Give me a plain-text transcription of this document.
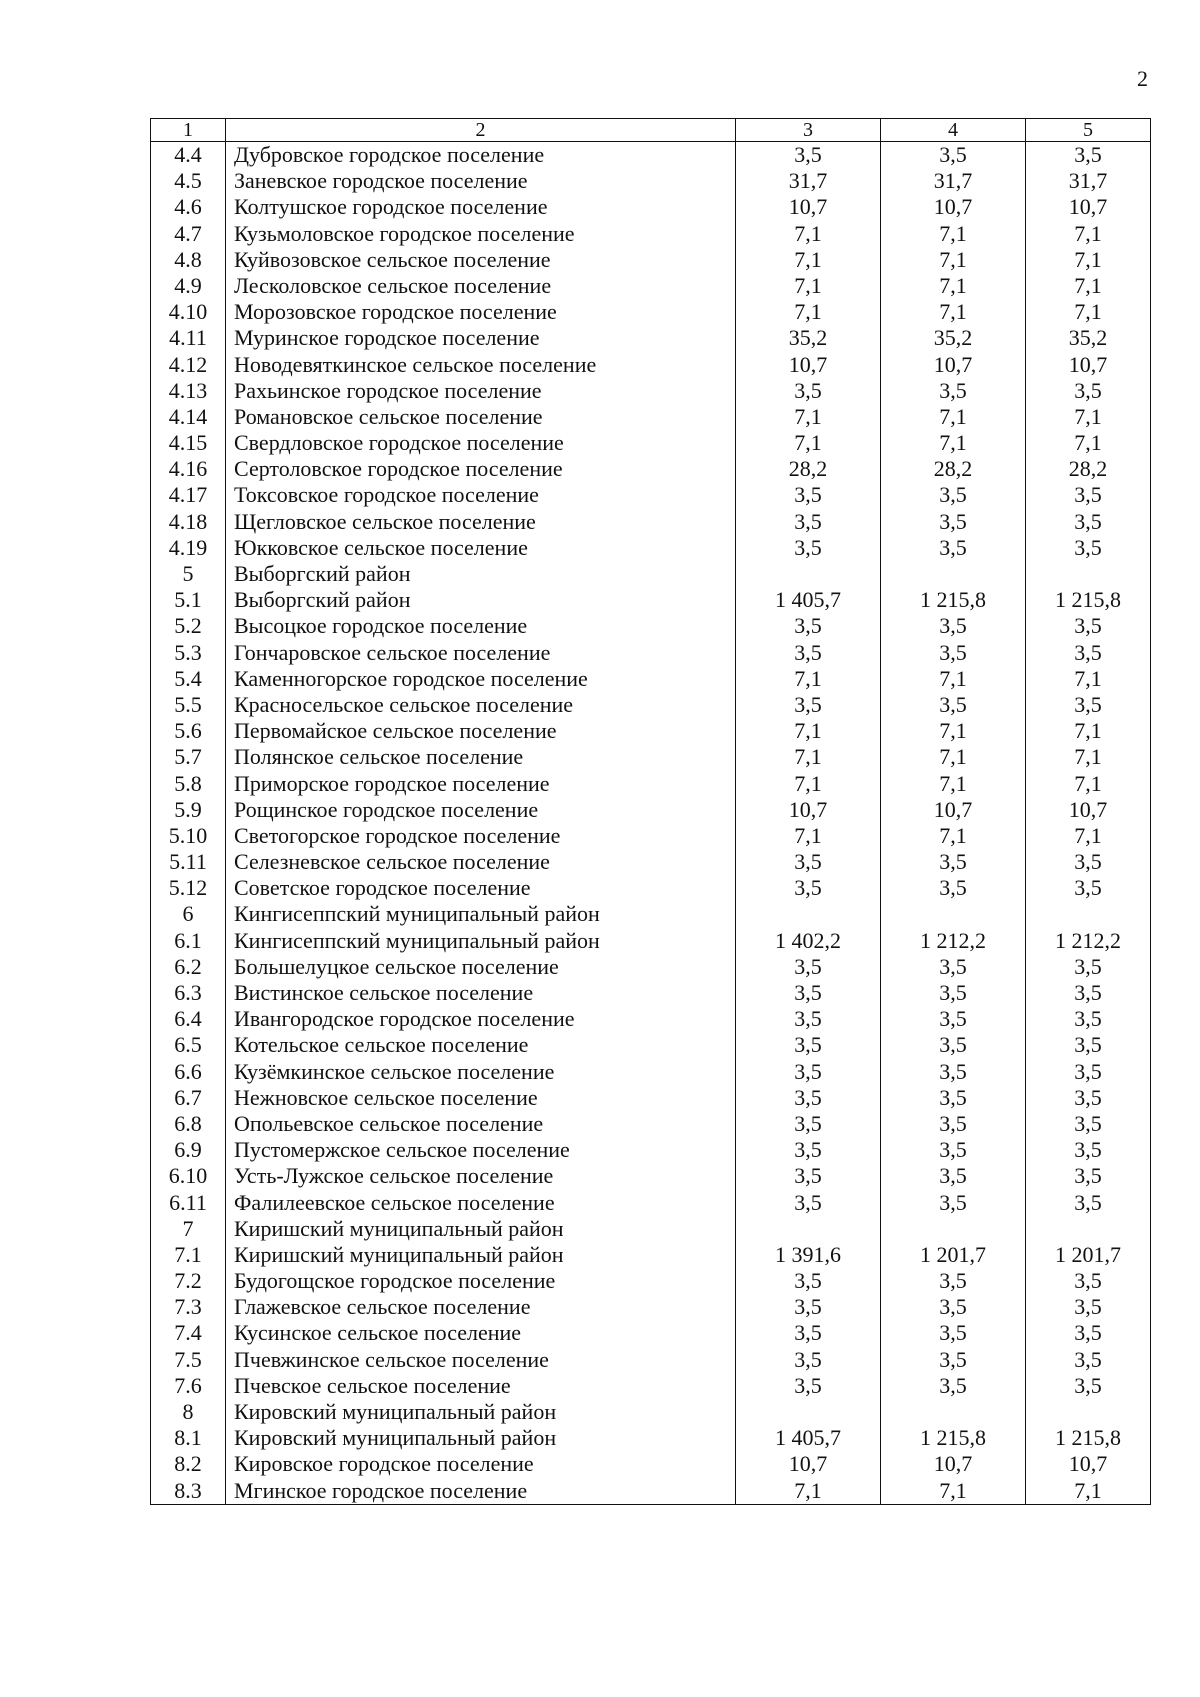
2
1	2	3	4	5
4.4	Дубровское городское поселение	3,5	3,5	3,5
4.5	Заневское городское поселение	31,7	31,7	31,7
4.6	Колтушское городское поселение	10,7	10,7	10,7
4.7	Кузьмоловское городское поселение	7,1	7,1	7,1
4.8	Куйвозовское сельское поселение	7,1	7,1	7,1
4.9	Лесколовское сельское поселение	7,1	7,1	7,1
4.10	Морозовское городское поселение	7,1	7,1	7,1
4.11	Муринское городское поселение	35,2	35,2	35,2
4.12	Новодевяткинское сельское поселение	10,7	10,7	10,7
4.13	Рахьинское городское поселение	3,5	3,5	3,5
4.14	Романовское сельское поселение	7,1	7,1	7,1
4.15	Свердловское городское поселение	7,1	7,1	7,1
4.16	Сертоловское городское поселение	28,2	28,2	28,2
4.17	Токсовское городское поселение	3,5	3,5	3,5
4.18	Щегловское сельское поселение	3,5	3,5	3,5
4.19	Юкковское сельское поселение	3,5	3,5	3,5
5	Выборгский район			
5.1	Выборгский район	1 405,7	1 215,8	1 215,8
5.2	Высоцкое городское поселение	3,5	3,5	3,5
5.3	Гончаровское сельское поселение	3,5	3,5	3,5
5.4	Каменногорское городское поселение	7,1	7,1	7,1
5.5	Красносельское сельское поселение	3,5	3,5	3,5
5.6	Первомайское сельское поселение	7,1	7,1	7,1
5.7	Полянское сельское поселение	7,1	7,1	7,1
5.8	Приморское городское поселение	7,1	7,1	7,1
5.9	Рощинское городское поселение	10,7	10,7	10,7
5.10	Светогорское городское поселение	7,1	7,1	7,1
5.11	Селезневское сельское поселение	3,5	3,5	3,5
5.12	Советское городское поселение	3,5	3,5	3,5
6	Кингисеппский муниципальный район			
6.1	Кингисеппский муниципальный район	1 402,2	1 212,2	1 212,2
6.2	Большелуцкое сельское поселение	3,5	3,5	3,5
6.3	Вистинское сельское поселение	3,5	3,5	3,5
6.4	Ивангородское городское поселение	3,5	3,5	3,5
6.5	Котельское сельское поселение	3,5	3,5	3,5
6.6	Кузёмкинское сельское поселение	3,5	3,5	3,5
6.7	Нежновское сельское поселение	3,5	3,5	3,5
6.8	Опольевское сельское поселение	3,5	3,5	3,5
6.9	Пустомержское сельское поселение	3,5	3,5	3,5
6.10	Усть-Лужское сельское поселение	3,5	3,5	3,5
6.11	Фалилеевское сельское поселение	3,5	3,5	3,5
7	Киришский муниципальный район			
7.1	Киришский муниципальный район	1 391,6	1 201,7	1 201,7
7.2	Будогощское городское поселение	3,5	3,5	3,5
7.3	Глажевское сельское поселение	3,5	3,5	3,5
7.4	Кусинское сельское поселение	3,5	3,5	3,5
7.5	Пчевжинское сельское поселение	3,5	3,5	3,5
7.6	Пчевское сельское поселение	3,5	3,5	3,5
8	Кировский муниципальный район			
8.1	Кировский муниципальный район	1 405,7	1 215,8	1 215,8
8.2	Кировское городское поселение	10,7	10,7	10,7
8.3	Мгинское городское поселение	7,1	7,1	7,1
